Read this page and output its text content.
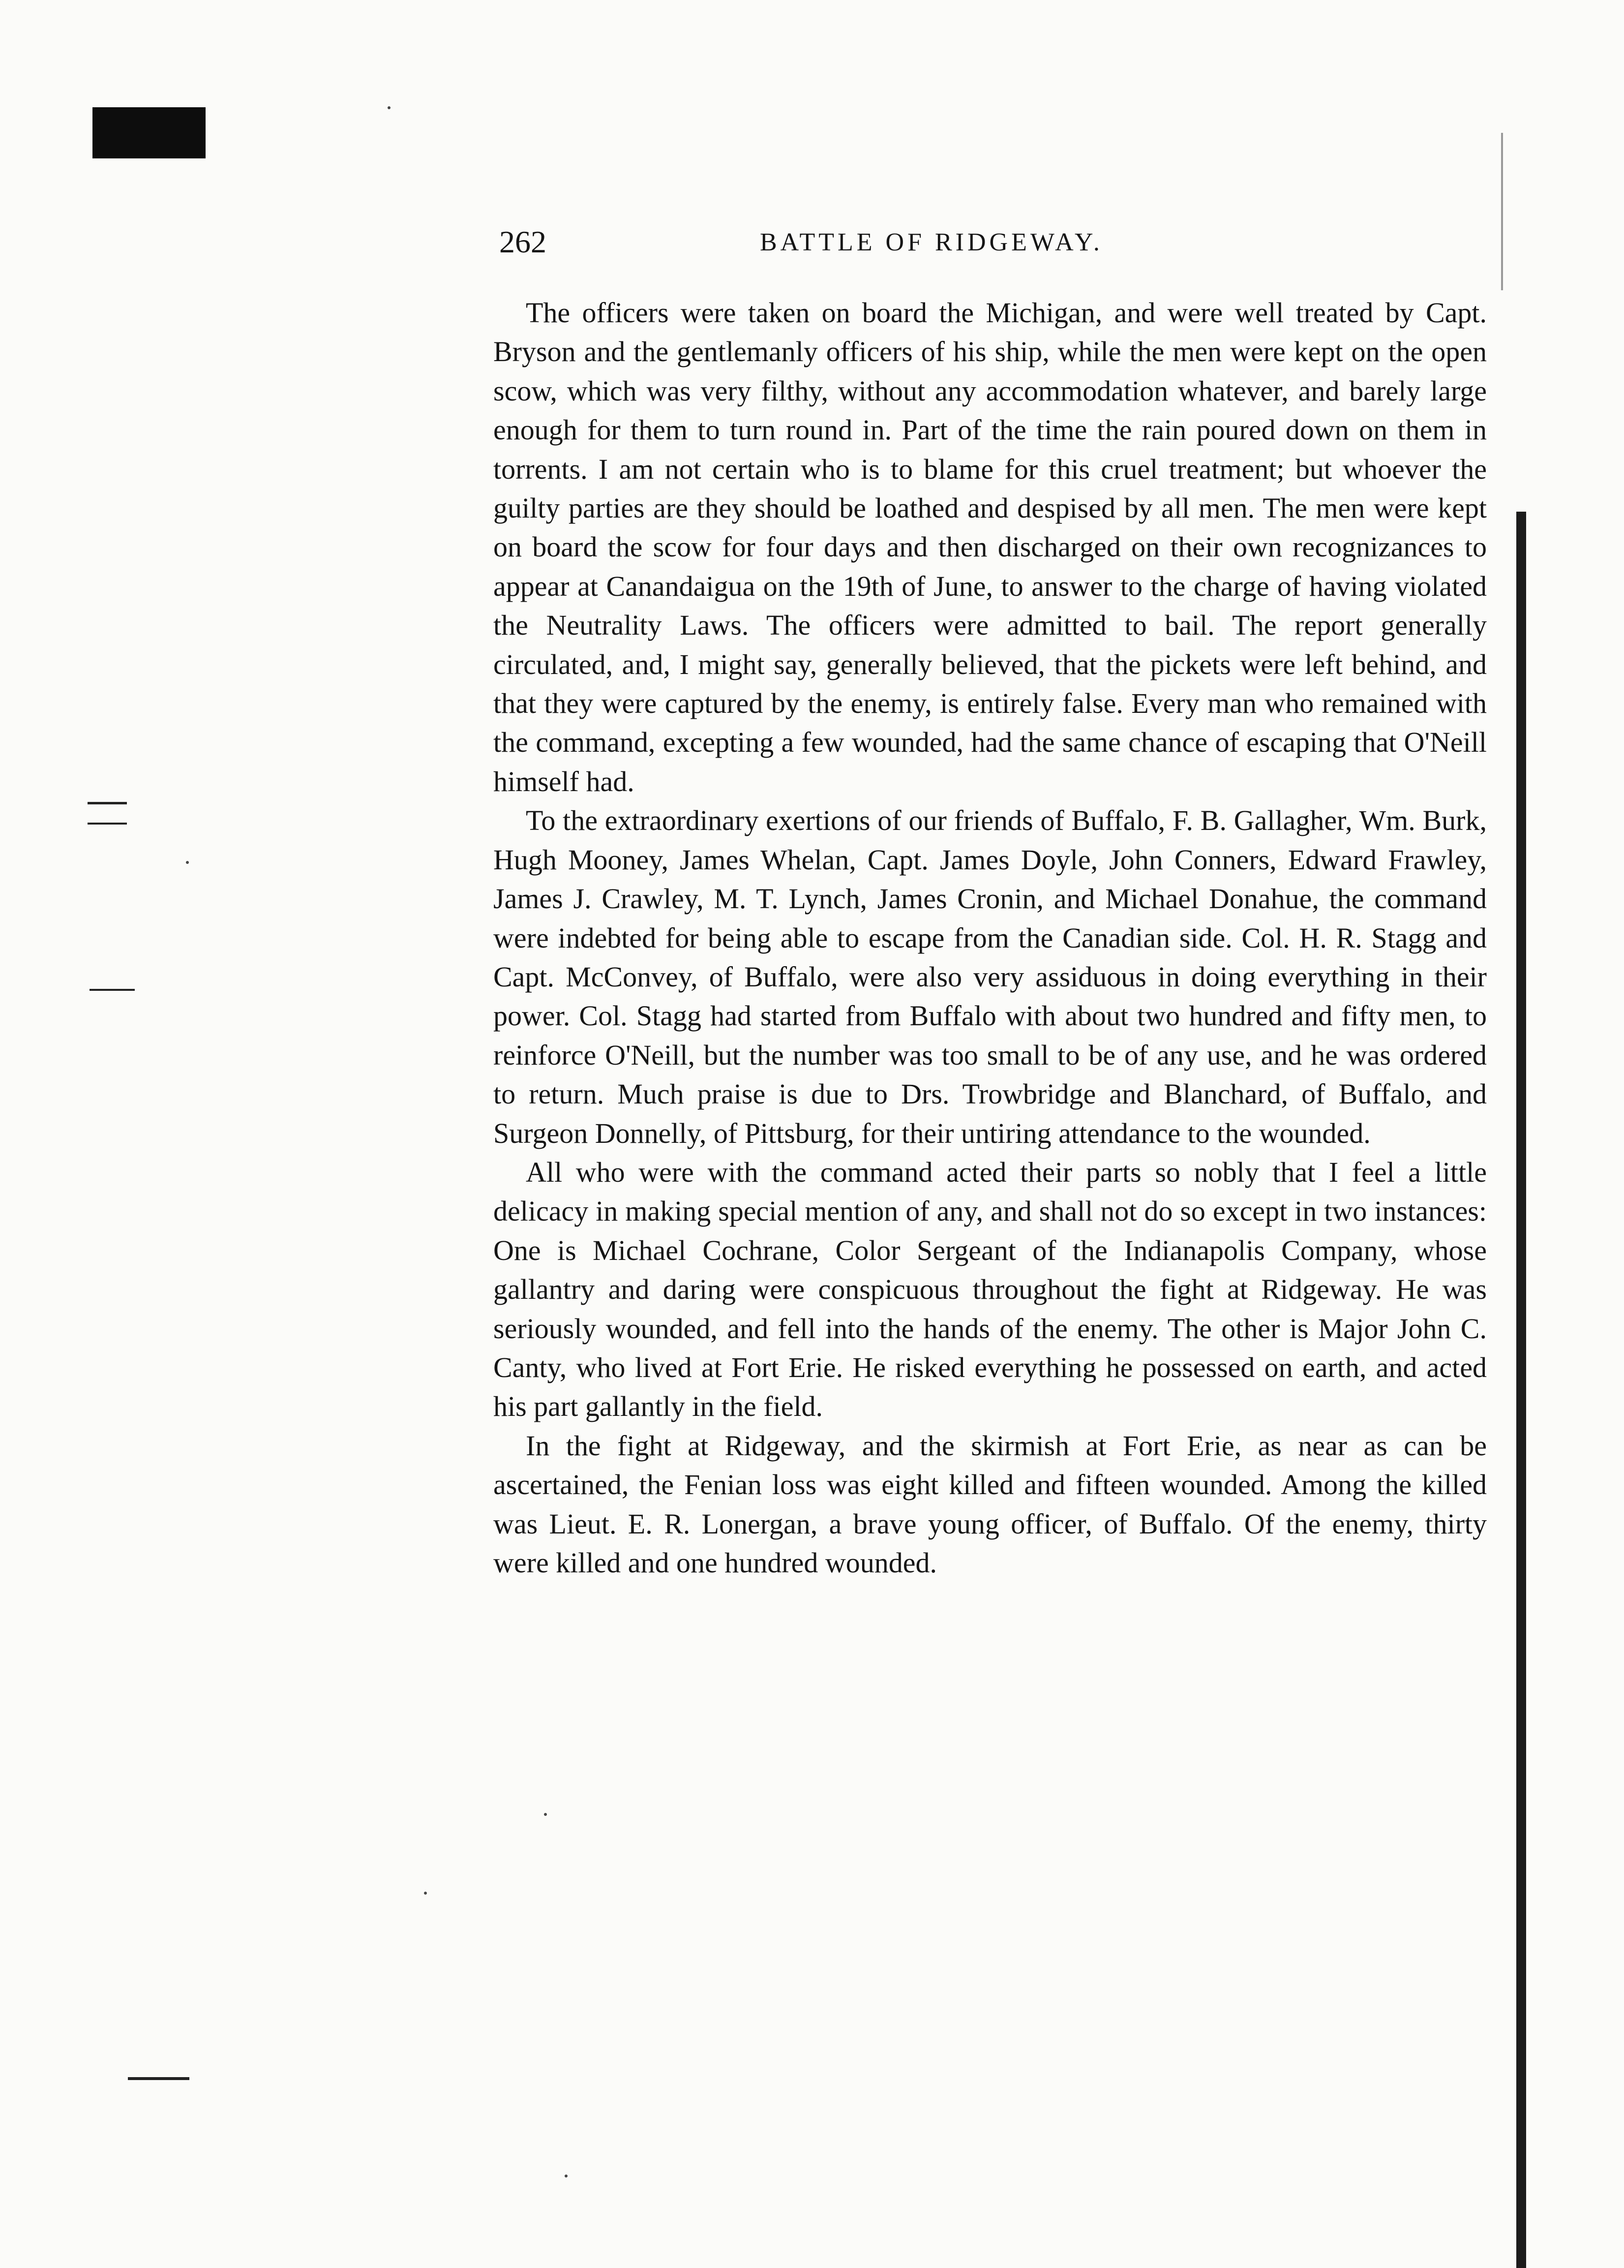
262	BATTLE OF RIDGEWAY.

The officers were taken on board the Michigan, and were well treated by Capt. Bryson and the gentlemanly officers of his ship, while the men were kept on the open scow, which was very filthy, without any accommodation whatever, and barely large enough for them to turn round in. Part of the time the rain poured down on them in torrents. I am not certain who is to blame for this cruel treatment; but whoever the guilty parties are they should be loathed and despised by all men. The men were kept on board the scow for four days and then discharged on their own recognizances to appear at Canandaigua on the 19th of June, to answer to the charge of having violated the Neutrality Laws. The officers were admitted to bail. The report generally circulated, and, I might say, generally believed, that the pickets were left behind, and that they were captured by the enemy, is entirely false. Every man who remained with the command, excepting a few wounded, had the same chance of escaping that O'Neill himself had.

To the extraordinary exertions of our friends of Buffalo, F. B. Gallagher, Wm. Burk, Hugh Mooney, James Whelan, Capt. James Doyle, John Conners, Edward Frawley, James J. Crawley, M. T. Lynch, James Cronin, and Michael Donahue, the command were indebted for being able to escape from the Canadian side. Col. H. R. Stagg and Capt. McConvey, of Buffalo, were also very assiduous in doing everything in their power. Col. Stagg had started from Buffalo with about two hundred and fifty men, to reinforce O'Neill, but the number was too small to be of any use, and he was ordered to return. Much praise is due to Drs. Trowbridge and Blanchard, of Buffalo, and Surgeon Donnelly, of Pittsburg, for their untiring attendance to the wounded.

All who were with the command acted their parts so nobly that I feel a little delicacy in making special mention of any, and shall not do so except in two instances: One is Michael Cochrane, Color Sergeant of the Indianapolis Company, whose gallantry and daring were conspicuous throughout the fight at Ridgeway. He was seriously wounded, and fell into the hands of the enemy. The other is Major John C. Canty, who lived at Fort Erie. He risked everything he possessed on earth, and acted his part gallantly in the field.

In the fight at Ridgeway, and the skirmish at Fort Erie, as near as can be ascertained, the Fenian loss was eight killed and fifteen wounded. Among the killed was Lieut. E. R. Lonergan, a brave young officer, of Buffalo. Of the enemy, thirty were killed and one hundred wounded.
